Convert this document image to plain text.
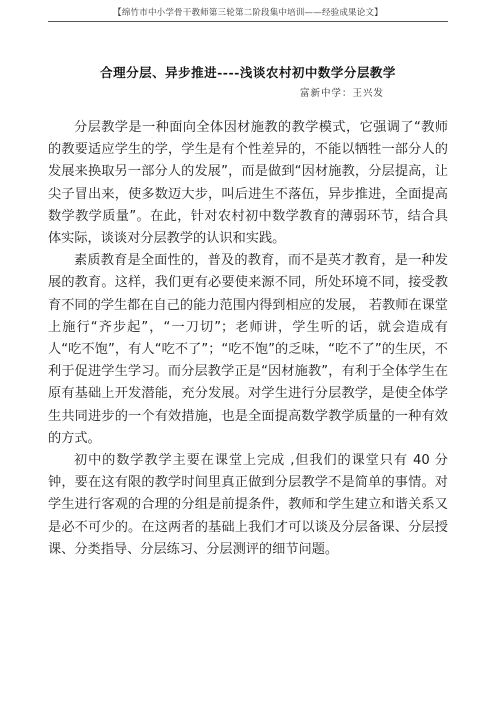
【绵竹市中小学骨干教师第三轮第二阶段集中培训——经验成果论文】
合理分层、异步推进----浅谈农村初中数学分层教学
富新中学：王兴发

分层教学是一种面向全体因材施教的教学模式，它强调了“教师的教要适应学生的学，学生是有个性差异的，不能以牺牲一部分人的发展来换取另一部分人的发展”，而是做到“因材施教，分层提高，让尖子冒出来，使多数迈大步，叫后进生不落伍，异步推进，全面提高数学教学质量”。在此，针对农村初中数学教育的薄弱环节，结合具体实际，谈谈对分层教学的认识和实践。

素质教育是全面性的，普及的教育，而不是英才教育，是一种发展的教育。这样，我们更有必要使来源不同，所处环境不同，接受教育不同的学生都在自己的能力范围内得到相应的发展， 若教师在课堂上施行“齐步起”，“一刀切”；老师讲，学生听的话，就会造成有人“吃不饱”，有人“吃不了”；“吃不饱”的乏味，“吃不了”的生厌，不利于促进学生学习。而分层教学正是“因材施教”，有利于全体学生在原有基础上开发潜能，充分发展。对学生进行分层教学，是使全体学生共同进步的一个有效措施，也是全面提高数学教学质量的一种有效的方式。

初中的数学教学主要在课堂上完成 ,但我们的课堂只有 40 分钟，要在这有限的教学时间里真正做到分层教学不是简单的事情。对学生进行客观的合理的分组是前提条件，教师和学生建立和谐关系又是必不可少的。在这两者的基础上我们才可以谈及分层备课、分层授课、分类指导、分层练习、分层测评的细节问题。
